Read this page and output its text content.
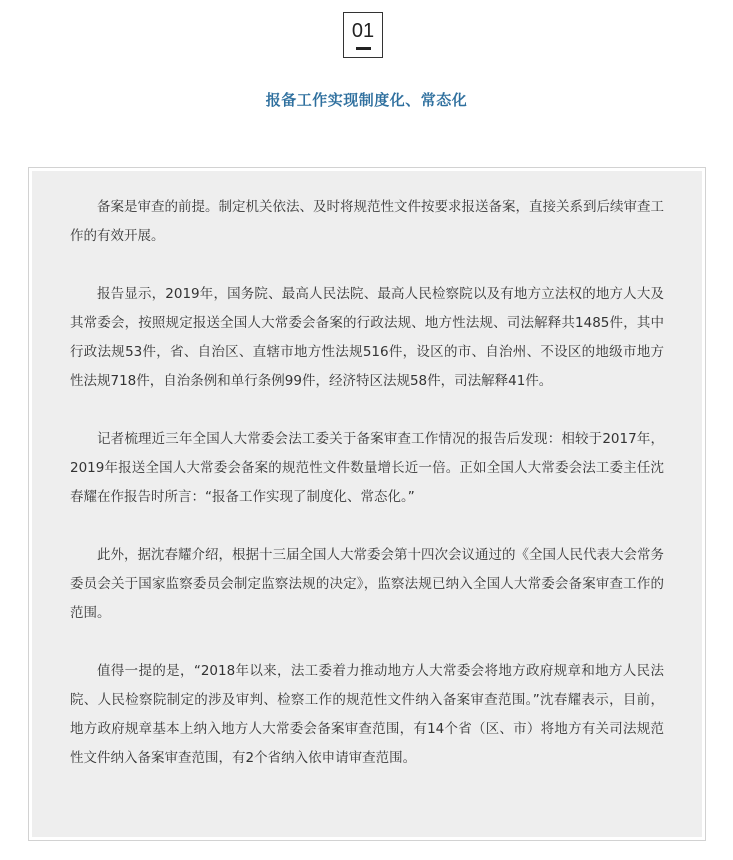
01
报备工作实现制度化、常态化

备案是审查的前提。制定机关依法、及时将规范性文件按要求报送备案，直接关系到后续审查工作的有效开展。

报告显示，2019年，国务院、最高人民法院、最高人民检察院以及有地方立法权的地方人大及其常委会，按照规定报送全国人大常委会备案的行政法规、地方性法规、司法解释共1485件，其中行政法规53件，省、自治区、直辖市地方性法规516件，设区的市、自治州、不设区的地级市地方性法规718件，自治条例和单行条例99件，经济特区法规58件，司法解释41件。

记者梳理近三年全国人大常委会法工委关于备案审查工作情况的报告后发现：相较于2017年，2019年报送全国人大常委会备案的规范性文件数量增长近一倍。正如全国人大常委会法工委主任沈春耀在作报告时所言：“报备工作实现了制度化、常态化。”

此外，据沈春耀介绍，根据十三届全国人大常委会第十四次会议通过的《全国人民代表大会常务委员会关于国家监察委员会制定监察法规的决定》，监察法规已纳入全国人大常委会备案审查工作的范围。

值得一提的是，“2018年以来，法工委着力推动地方人大常委会将地方政府规章和地方人民法院、人民检察院制定的涉及审判、检察工作的规范性文件纳入备案审查范围。”沈春耀表示，目前，地方政府规章基本上纳入地方人大常委会备案审查范围，有14个省（区、市）将地方有关司法规范性文件纳入备案审查范围，有2个省纳入依申请审查范围。
